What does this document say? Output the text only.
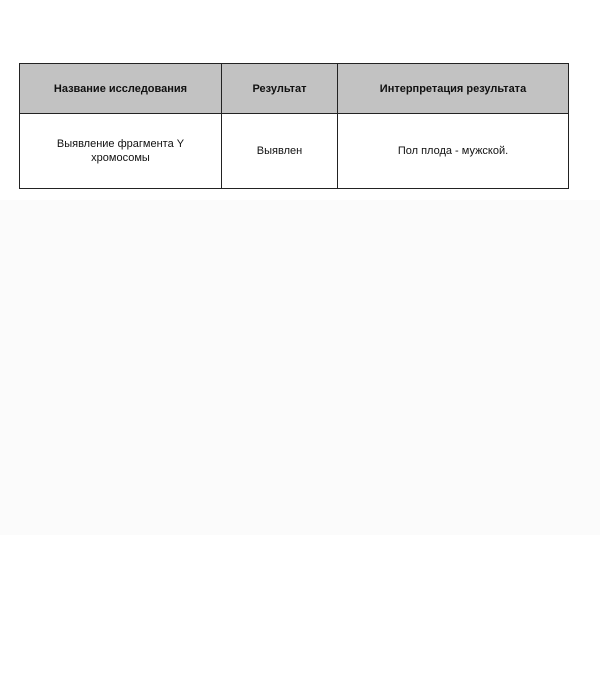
Название исследования	Результат	Интерпретация результата

Выявление фрагмента Y хромосомы	Выявлен	Пол плода - мужской.
